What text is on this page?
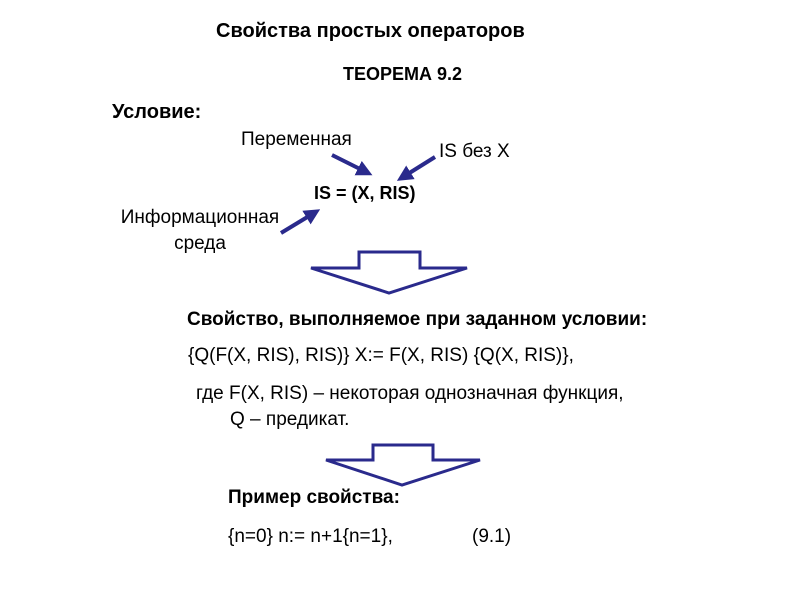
Свойства простых операторов
ТЕОРЕМА 9.2
Условие:
Переменная
IS без X
IS = (X, RIS)
Информационная
среда
Свойство, выполняемое при заданном условии:
{Q(F(X, RIS), RIS)} X:= F(X, RIS) {Q(X, RIS)},
где F(X, RIS) – некоторая однозначная функция,
Q – предикат.
Пример свойства:
{n=0} n:= n+1{n=1},	(9.1)
